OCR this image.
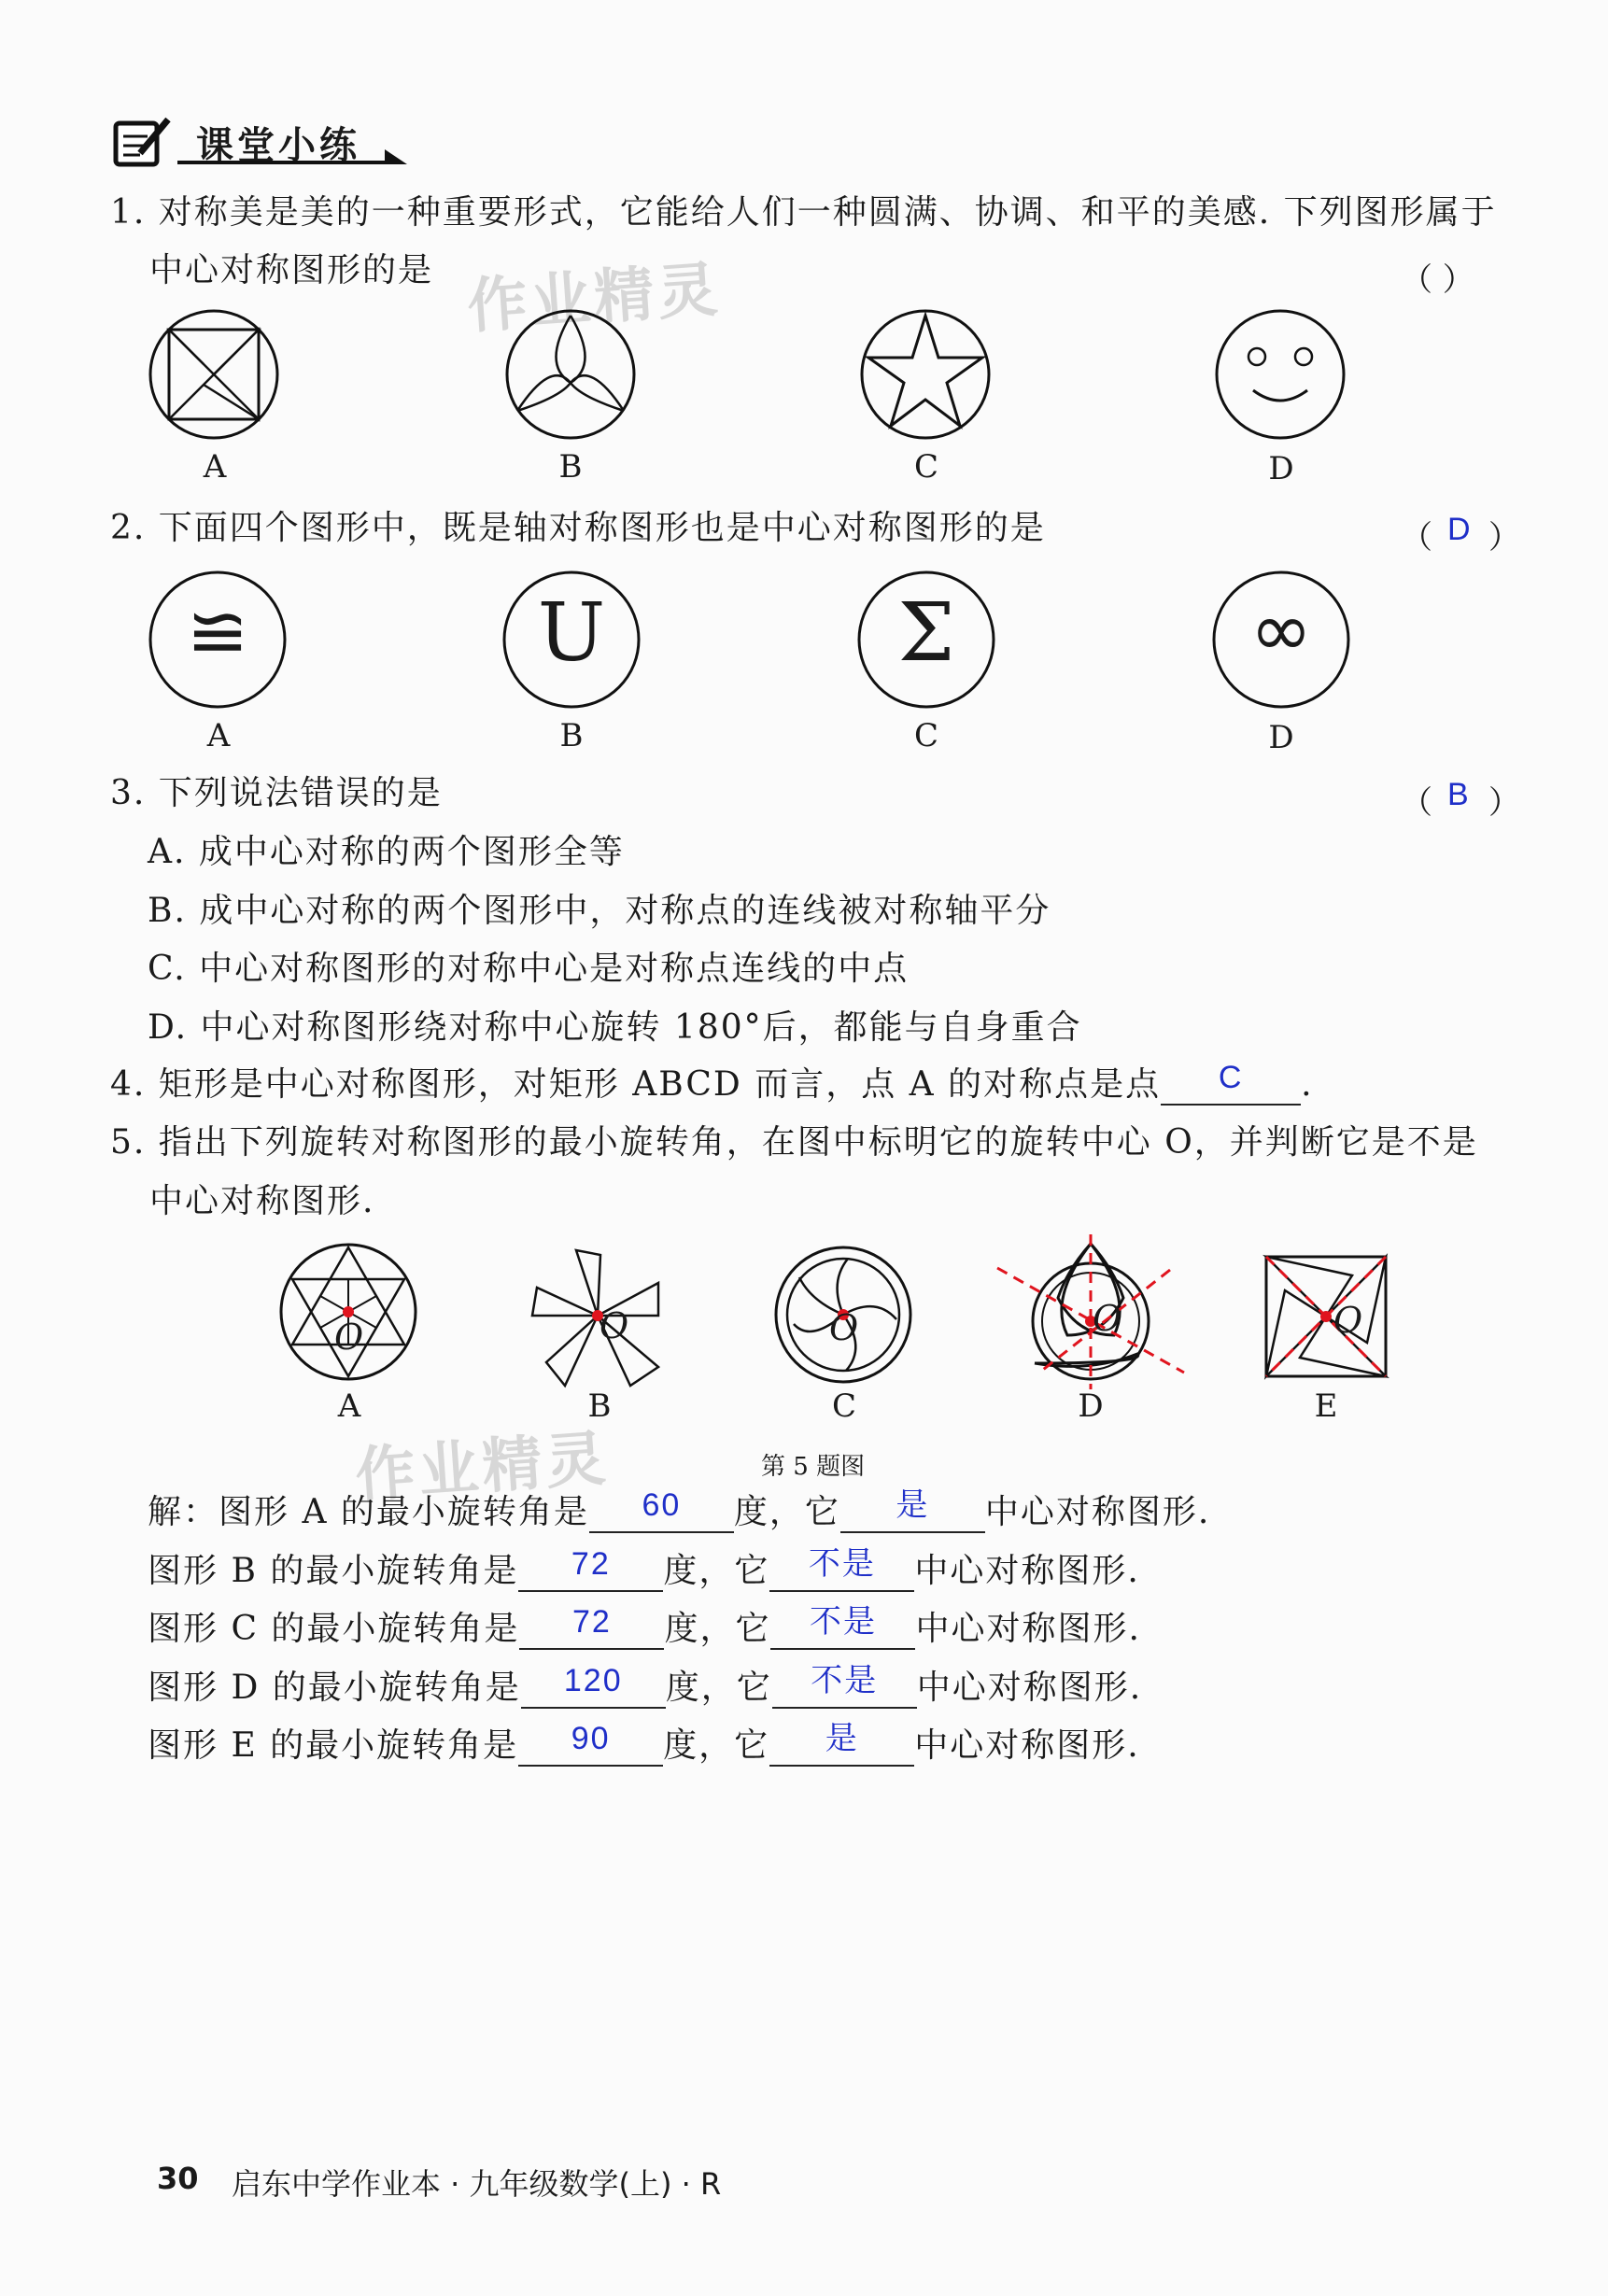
课堂小练
作业精灵
作业精灵
1. 对称美是美的一种重要形式，它能给人们一种圆满、协调、和平的美感. 下列图形属于
中心对称图形的是	（ ）
A	B	C	D
2. 下面四个图形中，既是轴对称图形也是中心对称图形的是	（ D ）
≌
A
U
B
Σ
C
∞
D
3. 下列说法错误的是	（ B ）
A. 成中心对称的两个图形全等
B. 成中心对称的两个图形中，对称点的连线被对称轴平分
C. 中心对称图形的对称中心是对称点连线的中点
D. 中心对称图形绕对称中心旋转 180°后，都能与自身重合
4. 矩形是中心对称图形，对矩形 ABCD 而言，点 A 的对称点是点	C	.
5. 指出下列旋转对称图形的最小旋转角，在图中标明它的旋转中心 O，并判断它是不是
中心对称图形.
O
A
O
B
O
C
O
D
O
E
第 5 题图
解：图形 A 的最小旋转角是	60	度，它	是	中心对称图形.
图形 B 的最小旋转角是	72	度，它	不是	中心对称图形.
图形 C 的最小旋转角是	72	度，它	不是	中心对称图形.
图形 D 的最小旋转角是	120	度，它	不是	中心对称图形.
图形 E 的最小旋转角是	90	度，它	是	中心对称图形.
30 启东中学作业本 · 九年级数学(上) · R
